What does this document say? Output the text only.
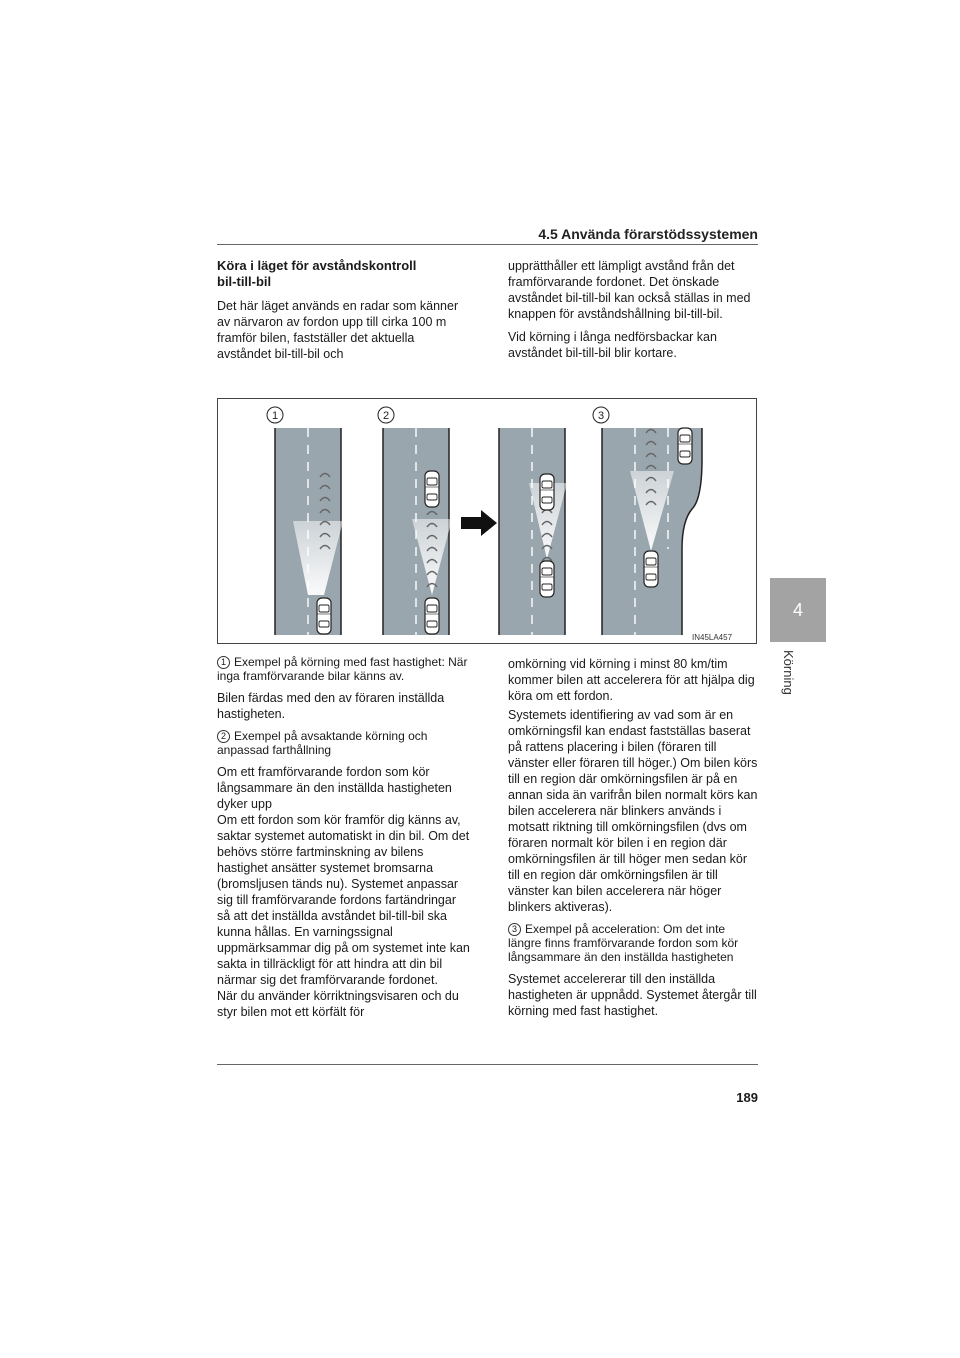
4.5 Använda förarstödssystemen
Köra i läget för avståndskontroll
bil-till-bil

Det här läget används en radar som känner av närvaron av fordon upp till cirka 100 m framför bilen, fastställer det aktuella avståndet bil-till-bil och

upprätthåller ett lämpligt avstånd från det framförvarande fordonet. Det önskade avståndet bil-till-bil kan också ställas in med knappen för avståndshållning bil-till-bil.

Vid körning i långa nedförsbackar kan avståndet bil-till-bil blir kortare.

1	2	3
IN45LA457

1 Exempel på körning med fast hastighet: När inga framförvarande bilar känns av.

Bilen färdas med den av föraren inställda hastigheten.

2 Exempel på avsaktande körning och anpassad farthållning

Om ett framförvarande fordon som kör långsammare än den inställda hastigheten dyker upp

Om ett fordon som kör framför dig känns av, saktar systemet automatiskt in din bil. Om det behövs större fartminskning av bilens hastighet ansätter systemet bromsarna (bromsljusen tänds nu). Systemet anpassar sig till framförvarande fordons fartändringar så att det inställda avståndet bil-till-bil ska kunna hållas. En varningssignal uppmärksammar dig på om systemet inte kan sakta in tillräckligt för att hindra att din bil närmar sig det framförvarande fordonet.

När du använder körriktningsvisaren och du styr bilen mot ett körfält för

omkörning vid körning i minst 80 km/tim kommer bilen att accelerera för att hjälpa dig köra om ett fordon.

Systemets identifiering av vad som är en omkörningsfil kan endast fastställas baserat på rattens placering i bilen (föraren till vänster eller föraren till höger.) Om bilen körs till en region där omkörningsfilen är på en annan sida än varifrån bilen normalt körs kan bilen accelerera när blinkers används i motsatt riktning till omkörningsfilen (dvs om föraren normalt kör bilen i en region där omkörningsfilen är till höger men sedan kör till en region där omkörningsfilen är till vänster kan bilen accelerera när höger blinkers aktiveras).

3 Exempel på acceleration: Om det inte längre finns framförvarande fordon som kör långsammare än den inställda hastigheten

Systemet accelererar till den inställda hastigheten är uppnådd. Systemet återgår till körning med fast hastighet.

189
4
Körning
